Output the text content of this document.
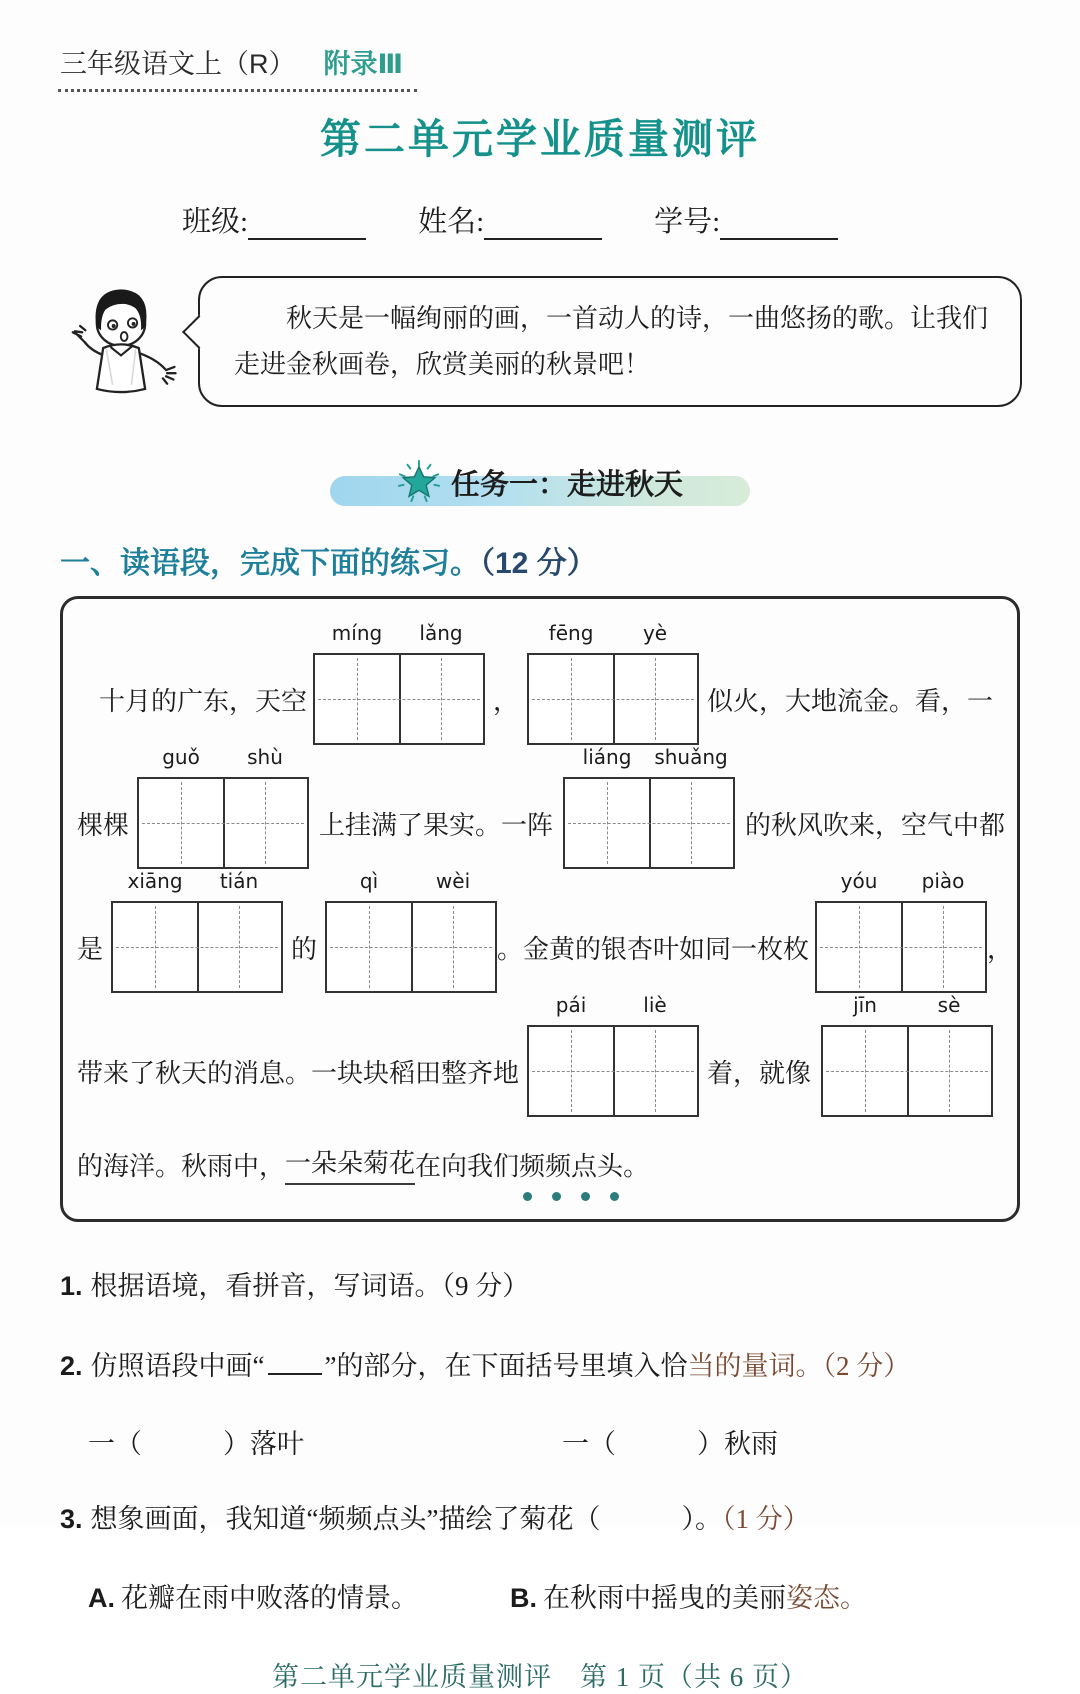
三年级语文上（R） 附录Ⅲ
第二单元学业质量测评
班级:	姓名:	学号:

秋天是一幅绚丽的画，一首动人的诗，一曲悠扬的歌。让我们走进金秋画卷，欣赏美丽的秋景吧！

任务一：走进秋天
一、读语段，完成下面的练习。（12 分）
十月的广东，天空
míng	lǎng
，
fēng	yè
似火，大地流金。看，一
棵棵
guǒ	shù
上挂满了果实。一阵
liáng	shuǎng
的秋风吹来，空气中都
是
xiāng	tián
的
qì	wèi
。金黄的银杏叶如同一枚枚
yóu	piào
，
带来了秋天的消息。一块块稻田整齐地
pái	liè
着，就像
jīn	sè
的海洋。秋雨中， 一朵朵菊花 在向我们 频频点头 。
1. 根据语境，看拼音，写词语。（9 分）
2. 仿照语段中画“ ”的部分，在下面括号里填入恰当的量词。（2 分）
一（　　　）落叶	一（　　　）秋雨
3. 想象画面，我知道“频频点头”描绘了菊花（　　　）。（1 分）
A. 花瓣在雨中败落的情景。	B. 在秋雨中摇曳的美丽姿态。
第二单元学业质量测评　第 1 页（共 6 页）
